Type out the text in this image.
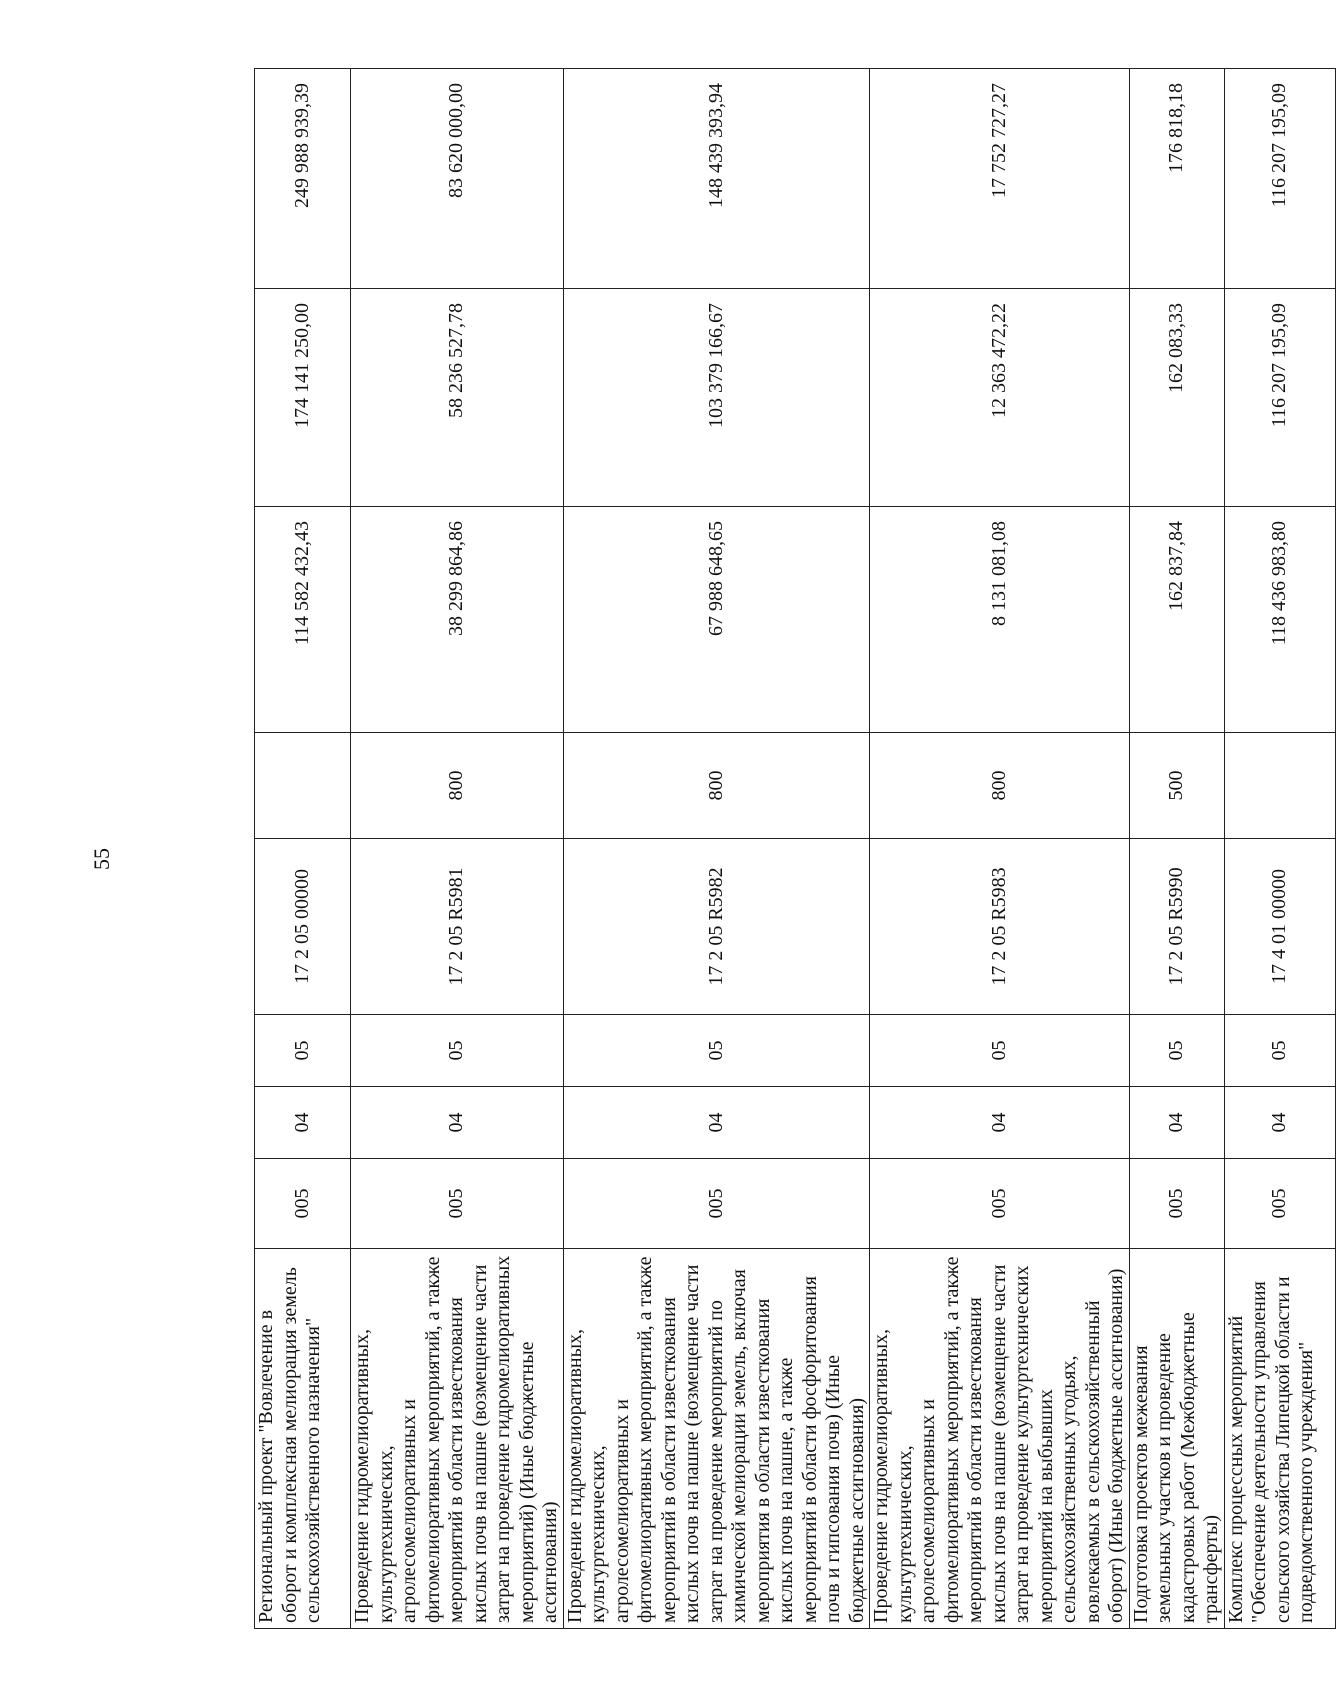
55
Региональный проект "Вовлечение в оборот и комплексная мелиорация земель сельскохозяйственного назначения"	005	04	05	17 2 05 00000		114 582 432,43	174 141 250,00	249 988 939,39
Проведение гидромелиоративных, культуртехнических, агролесомелиоративных и фитомелиоративных мероприятий, а также мероприятий в области известкования кислых почв на пашне (возмещение части затрат на проведение гидромелиоративных мероприятий) (Иные бюджетные ассигнования)	005	04	05	17 2 05 R5981	800	38 299 864,86	58 236 527,78	83 620 000,00
Проведение гидромелиоративных, культуртехнических, агролесомелиоративных и фитомелиоративных мероприятий, а также мероприятий в области известкования кислых почв на пашне (возмещение части затрат на проведение мероприятий по химической мелиорации земель, включая мероприятия в области известкования кислых почв на пашне, а также мероприятий в области фосфоритования почв и гипсования почв) (Иные бюджетные ассигнования)	005	04	05	17 2 05 R5982	800	67 988 648,65	103 379 166,67	148 439 393,94
Проведение гидромелиоративных, культуртехнических, агролесомелиоративных и фитомелиоративных мероприятий, а также мероприятий в области известкования кислых почв на пашне (возмещение части затрат на проведение культуртехнических мероприятий на выбывших сельскохозяйственных угодьях, вовлекаемых в сельскохозяйственный оборот) (Иные бюджетные ассигнования)	005	04	05	17 2 05 R5983	800	8 131 081,08	12 363 472,22	17 752 727,27
Подготовка проектов межевания земельных участков и проведение кадастровых работ (Межбюджетные трансферты)	005	04	05	17 2 05 R5990	500	162 837,84	162 083,33	176 818,18
Комплекс процессных мероприятий "Обеспечение деятельности управления сельского хозяйства Липецкой области и подведомственного учреждения"	005	04	05	17 4 01 00000		118 436 983,80	116 207 195,09	116 207 195,09
